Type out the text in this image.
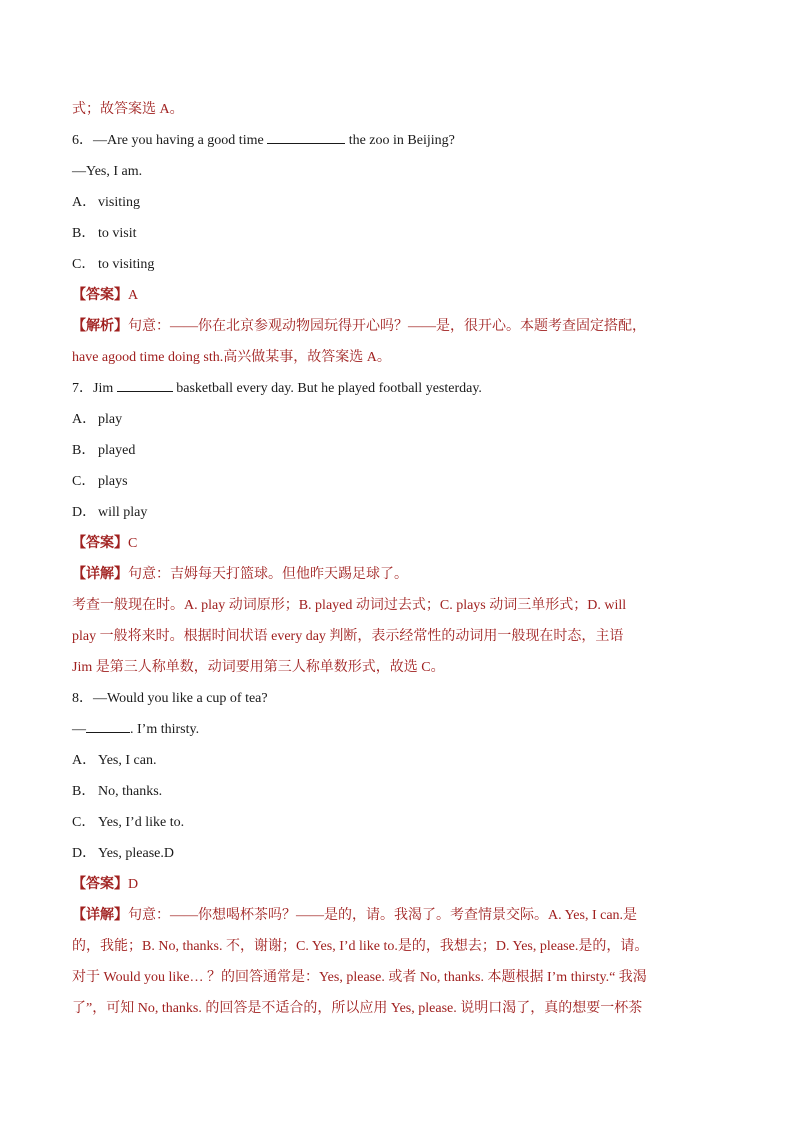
式；故答案选 A。
6．—Are you having a good time	the zoo in Beijing?
—Yes, I am.
A． visiting
B． to visit
C． to visiting
【答案】A
【解析】句意：——你在北京参观动物园玩得开心吗？——是，很开心。本题考查固定搭配，
have agood time doing sth.高兴做某事，故答案选 A。
7．Jim	basketball every day. But he played football yesterday.
A． play
B． played
C． plays
D． will play
【答案】C
【详解】句意：吉姆每天打篮球。但他昨天踢足球了。
考查一般现在时。A. play 动词原形；B. played 动词过去式；C. plays 动词三单形式；D. will
play 一般将来时。根据时间状语 every day 判断，表示经常性的动词用一般现在时态，主语
Jim 是第三人称单数，动词要用第三人称单数形式，故选 C。
8．—Would you like a cup of tea?
—	. I’m thirsty.
A． Yes, I can.
B． No, thanks.
C． Yes, I’d like to.
D． Yes, please.D
【答案】D
【详解】句意：——你想喝杯茶吗？——是的，请。我渴了。考查情景交际。A. Yes, I can.是
的，我能；B. No, thanks. 不，谢谢；C. Yes, I’d like to.是的，我想去；D. Yes, please.是的，请。
对于 Would you like… ？的回答通常是：Yes, please. 或者 No, thanks. 本题根据 I’m thirsty.“ 我渴
了”，可知 No, thanks. 的回答是不适合的，所以应用 Yes, please. 说明口渴了，真的想要一杯茶
